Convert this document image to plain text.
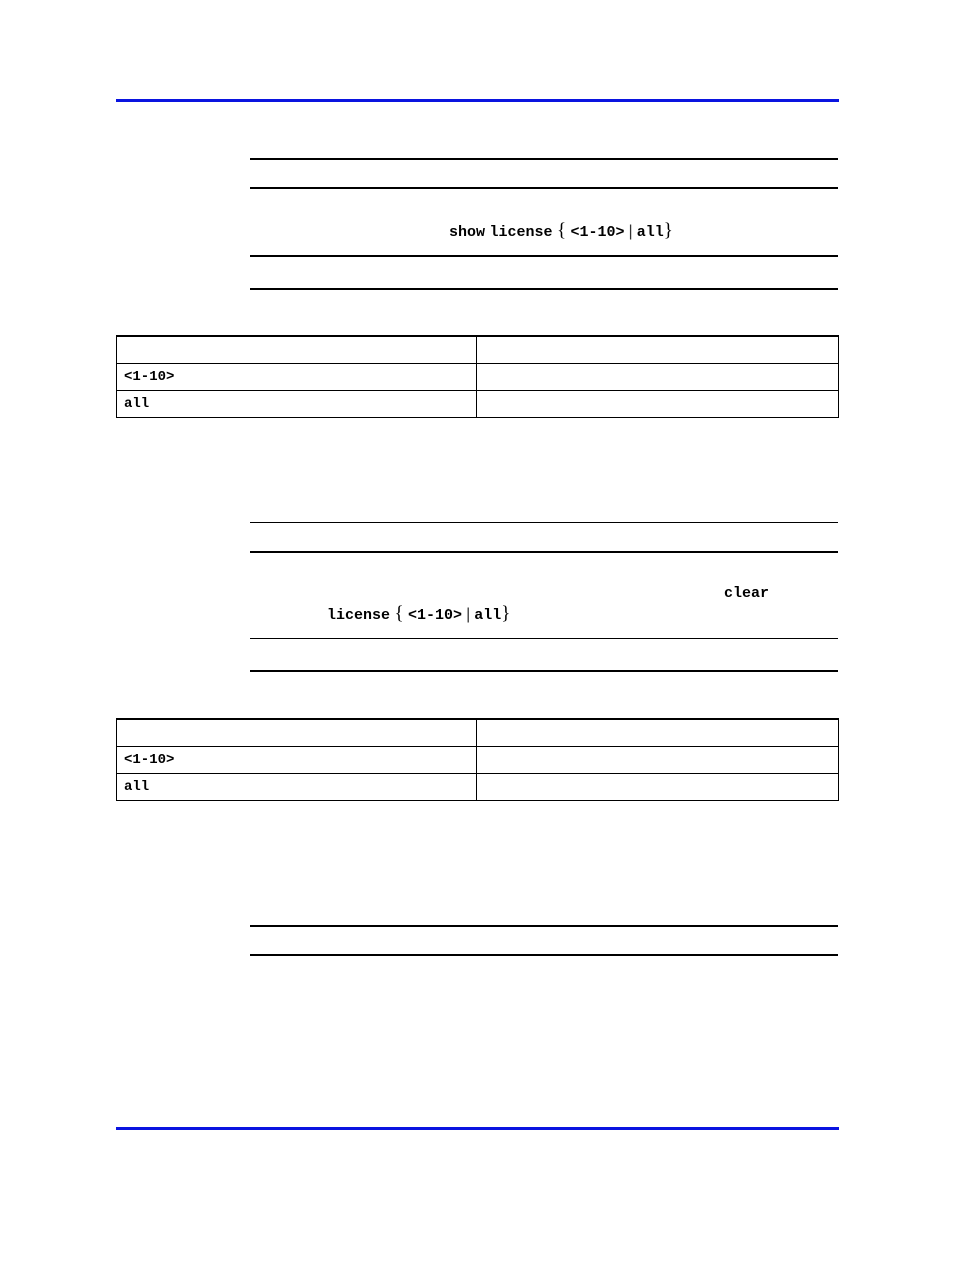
show license { <1-10> | all}

<1-10>	
all	
clear
license { <1-10> | all}

<1-10>	
all	
